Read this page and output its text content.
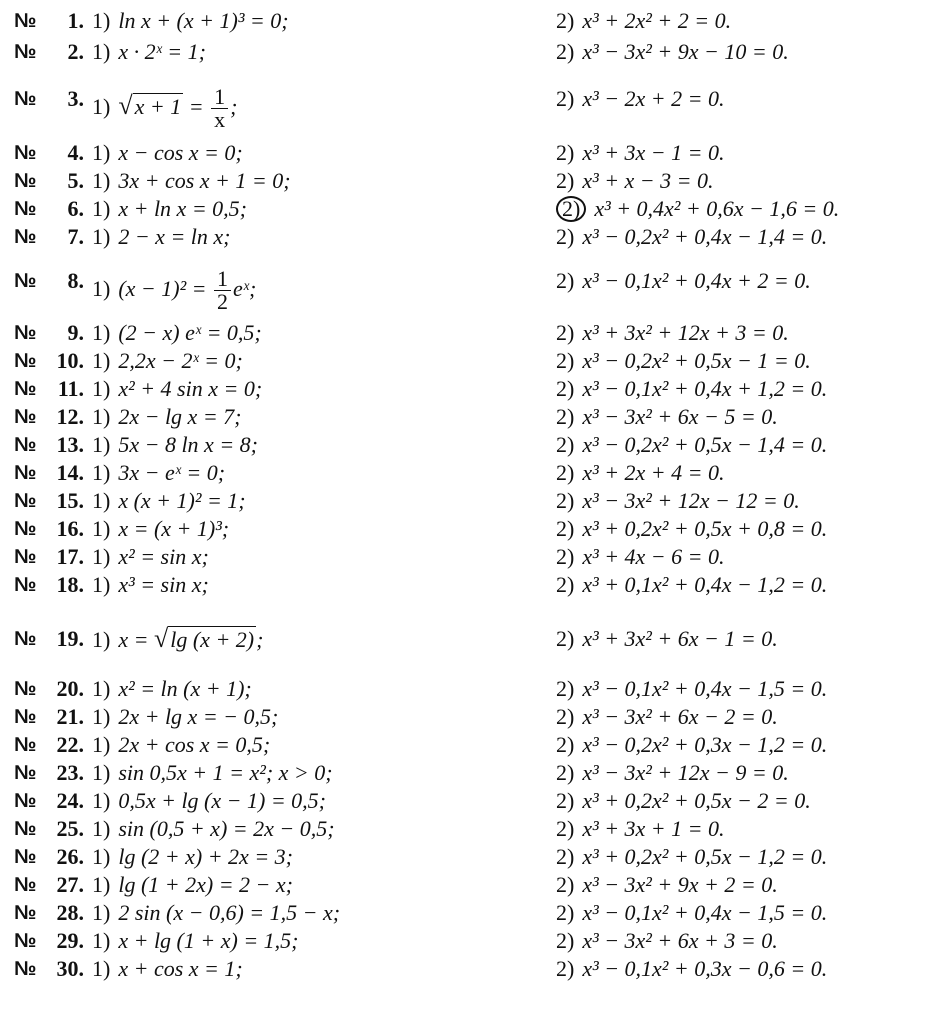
№	1. 1) ln x + (x + 1)³ = 0;	2) x³ + 2x² + 2 = 0.
№	2. 1) x · 2ˣ = 1;	2) x³ − 3x² + 9x − 10 = 0.
№	3. 1) $√x + 1 = \frac{1}{x}$ ;	2) x³ − 2x + 2 = 0.
№	4. 1) x − cos x = 0;	2) x³ + 3x − 1 = 0.
№	5. 1) 3x + cos x + 1 = 0;	2) x³ + x − 3 = 0.
№	6. 1) x + ln x = 0,5;	2) x³ + 0,4x² + 0,6x − 1,6 = 0.
№	7. 1) 2 − x = ln x;	2) x³ − 0,2x² + 0,4x − 1,4 = 0.
№	8. 1) $(x - 1)^2 = \frac{1}{2}$ eˣ;	2) x³ − 0,1x² + 0,4x + 2 = 0.
№	9. 1) (2 − x) eˣ = 0,5;	2) x³ + 3x² + 12x + 3 = 0.
№ 10. 1) 2,2x − 2ˣ = 0;	2) x³ − 0,2x² + 0,5x − 1 = 0.
№ 11. 1) x² + 4 sin x = 0;	2) x³ − 0,1x² + 0,4x + 1,2 = 0.
№ 12. 1) 2x − lg x = 7;	2) x³ − 3x² + 6x − 5 = 0.
№ 13. 1) 5x − 8 ln x = 8;	2) x³ − 0,2x² + 0,5x − 1,4 = 0.
№ 14. 1) 3x − eˣ = 0;	2) x³ + 2x + 4 = 0.
№ 15. 1) x (x + 1)² = 1;	2) x³ − 3x² + 12x − 12 = 0.
№ 16. 1) x = (x + 1)³;	2) x³ + 0,2x² + 0,5x + 0,8 = 0.
№ 17. 1) x² = sin x;	2) x³ + 4x − 6 = 0.
№ 18. 1) x³ = sin x;	2) x³ + 0,1x² + 0,4x − 1,2 = 0.
№ 19. 1) x = √lg (x + 2);	2) x³ + 3x² + 6x − 1 = 0.
№ 20. 1) x² = ln (x + 1);	2) x³ − 0,1x² + 0,4x − 1,5 = 0.
№ 21. 1) 2x + lg x = − 0,5;	2) x³ − 3x² + 6x − 2 = 0.
№ 22. 1) 2x + cos x = 0,5;	2) x³ − 0,2x² + 0,3x − 1,2 = 0.
№ 23. 1) sin 0,5x + 1 = x²; x > 0;	2) x³ − 3x² + 12x − 9 = 0.
№ 24. 1) 0,5x + lg (x − 1) = 0,5;	2) x³ + 0,2x² + 0,5x − 2 = 0.
№ 25. 1) sin (0,5 + x) = 2x − 0,5;	2) x³ + 3x + 1 = 0.
№ 26. 1) lg (2 + x) + 2x = 3;	2) x³ + 0,2x² + 0,5x − 1,2 = 0.
№ 27. 1) lg (1 + 2x) = 2 − x;	2) x³ − 3x² + 9x + 2 = 0.
№ 28. 1) 2 sin (x − 0,6) = 1,5 − x;	2) x³ − 0,1x² + 0,4x − 1,5 = 0.
№ 29. 1) x + lg (1 + x) = 1,5;	2) x³ − 3x² + 6x + 3 = 0.
№ 30. 1) x + cos x = 1;	2) x³ − 0,1x² + 0,3x − 0,6 = 0.
